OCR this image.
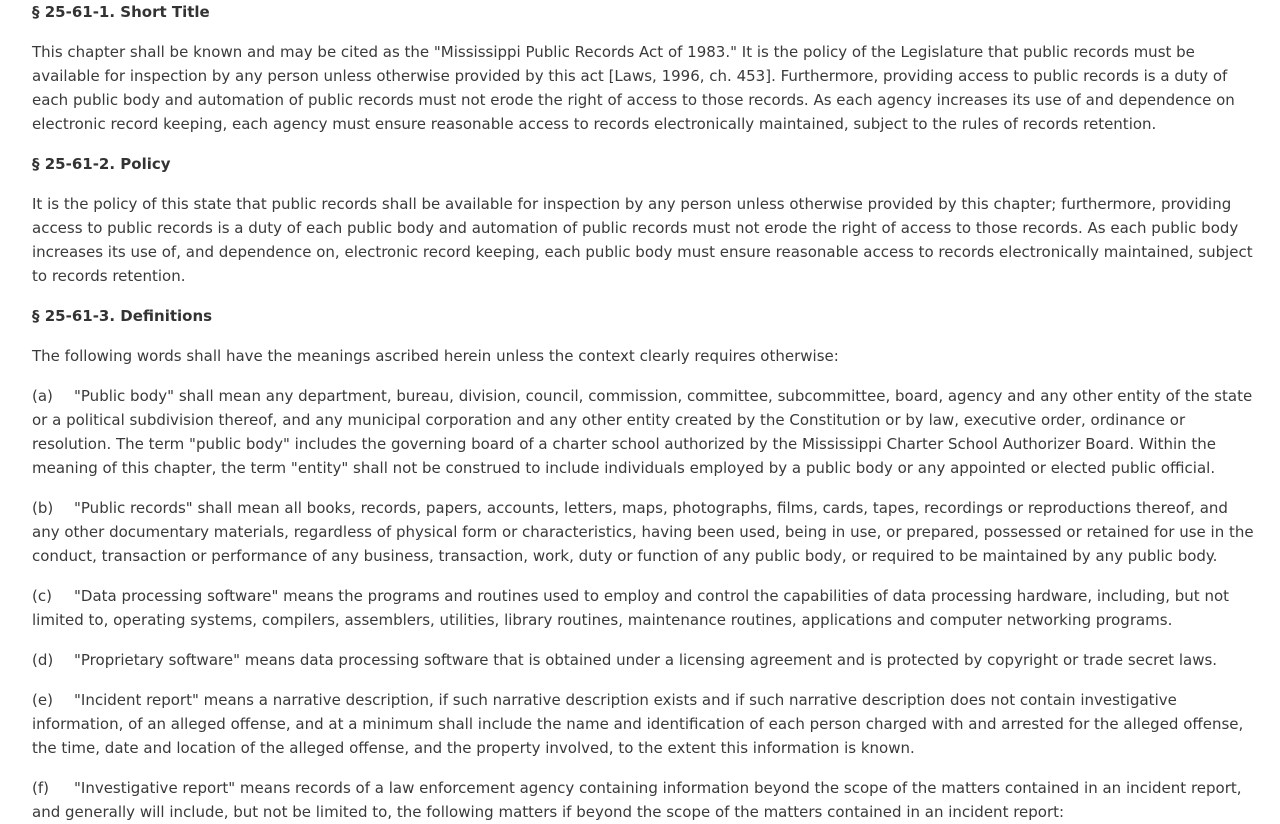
§ 25-61-1. Short Title

This chapter shall be known and may be cited as the "Mississippi Public Records Act of 1983." It is the policy of the Legislature that public records must be available for inspection by any person unless otherwise provided by this act [Laws, 1996, ch. 453]. Furthermore, providing access to public records is a duty of each public body and automation of public records must not erode the right of access to those records. As each agency increases its use of and dependence on electronic record keeping, each agency must ensure reasonable access to records electronically maintained, subject to the rules of records retention.

§ 25-61-2. Policy

It is the policy of this state that public records shall be available for inspection by any person unless otherwise provided by this chapter; furthermore, providing access to public records is a duty of each public body and automation of public records must not erode the right of access to those records. As each public body increases its use of, and dependence on, electronic record keeping, each public body must ensure reasonable access to records electronically maintained, subject to records retention.

§ 25-61-3. Definitions

The following words shall have the meanings ascribed herein unless the context clearly requires otherwise:

(a) "Public body" shall mean any department, bureau, division, council, commission, committee, subcommittee, board, agency and any other entity of the state or a political subdivision thereof, and any municipal corporation and any other entity created by the Constitution or by law, executive order, ordinance or resolution. The term "public body" includes the governing board of a charter school authorized by the Mississippi Charter School Authorizer Board. Within the meaning of this chapter, the term "entity" shall not be construed to include individuals employed by a public body or any appointed or elected public official.

(b) "Public records" shall mean all books, records, papers, accounts, letters, maps, photographs, films, cards, tapes, recordings or reproductions thereof, and any other documentary materials, regardless of physical form or characteristics, having been used, being in use, or prepared, possessed or retained for use in the conduct, transaction or performance of any business, transaction, work, duty or function of any public body, or required to be maintained by any public body.

(c) "Data processing software" means the programs and routines used to employ and control the capabilities of data processing hardware, including, but not limited to, operating systems, compilers, assemblers, utilities, library routines, maintenance routines, applications and computer networking programs.

(d) "Proprietary software" means data processing software that is obtained under a licensing agreement and is protected by copyright or trade secret laws.

(e) "Incident report" means a narrative description, if such narrative description exists and if such narrative description does not contain investigative information, of an alleged offense, and at a minimum shall include the name and identification of each person charged with and arrested for the alleged offense, the time, date and location of the alleged offense, and the property involved, to the extent this information is known.

(f) "Investigative report" means records of a law enforcement agency containing information beyond the scope of the matters contained in an incident report, and generally will include, but not be limited to, the following matters if beyond the scope of the matters contained in an incident report:
